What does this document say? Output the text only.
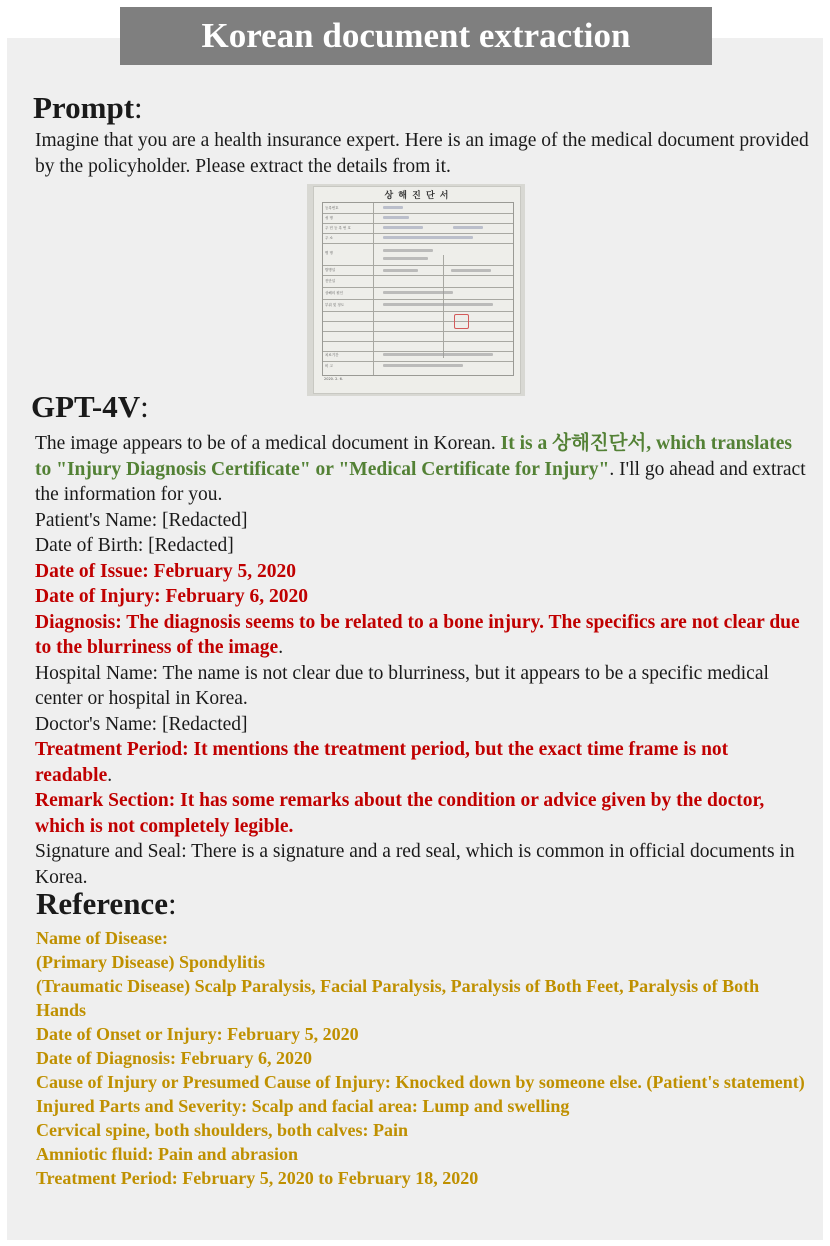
Korean document extraction
Prompt:
Imagine that you are a health insurance expert. Here is an image of the medical document provided by the policyholder. Please extract the details from it.
상 해 진 단 서
등록번호
성 명
주 민 등 록 번 호
주 소
병 명
발병일
진단일
상해의 원인
부위 및 정도
치료기간
비 고
2020. 2. 6.
GPT-4V:

The image appears to be of a medical document in Korean. It is a 상해진단서, which translates to "Injury Diagnosis Certificate" or "Medical Certificate for Injury". I'll go ahead and extract the information for you.

Patient's Name: [Redacted]

Date of Birth: [Redacted]

Date of Issue: February 5, 2020

Date of Injury: February 6, 2020

Diagnosis: The diagnosis seems to be related to a bone injury. The specifics are not clear due to the blurriness of the image.

Hospital Name: The name is not clear due to blurriness, but it appears to be a specific medical center or hospital in Korea.

Doctor's Name: [Redacted]

Treatment Period: It mentions the treatment period, but the exact time frame is not readable.

Remark Section: It has some remarks about the condition or advice given by the doctor, which is not completely legible.

Signature and Seal: There is a signature and a red seal, which is common in official documents in Korea.

Reference:

Name of Disease:

(Primary Disease) Spondylitis

(Traumatic Disease) Scalp Paralysis, Facial Paralysis, Paralysis of Both Feet, Paralysis of Both Hands

Date of Onset or Injury: February 5, 2020

Date of Diagnosis: February 6, 2020

Cause of Injury or Presumed Cause of Injury: Knocked down by someone else. (Patient's statement)

Injured Parts and Severity: Scalp and facial area: Lump and swelling

Cervical spine, both shoulders, both calves: Pain

Amniotic fluid: Pain and abrasion

Treatment Period: February 5, 2020 to February 18, 2020
